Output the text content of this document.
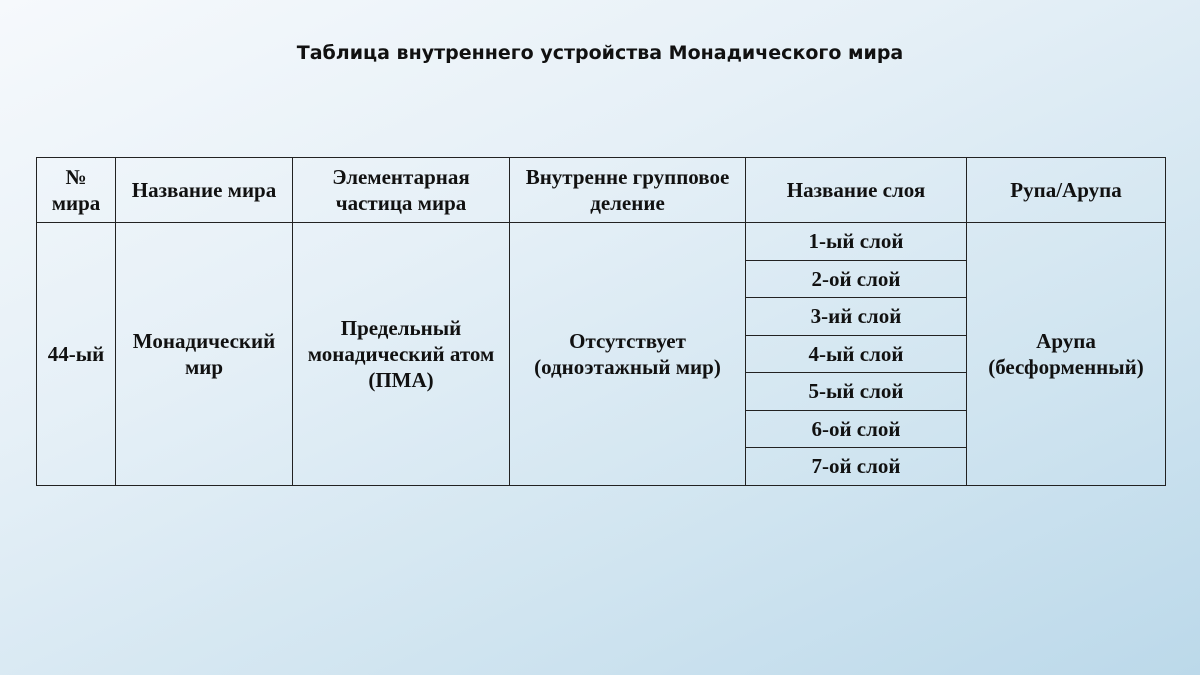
Таблица внутреннего устройства Монадического мира
№ мира	Название мира	Элементарная частица мира	Внутренне групповое деление	Название слоя	Рупа/Арупа
44-ый	Монадический мир	Предельный монадический атом (ПМА)	Отсутствует (одноэтажный мир)	1-ый слой	Арупа (бесформенный)
				2-ой слой	
				3-ий слой	
				4-ый слой	
				5-ый слой	
				6-ой слой	
				7-ой слой	
